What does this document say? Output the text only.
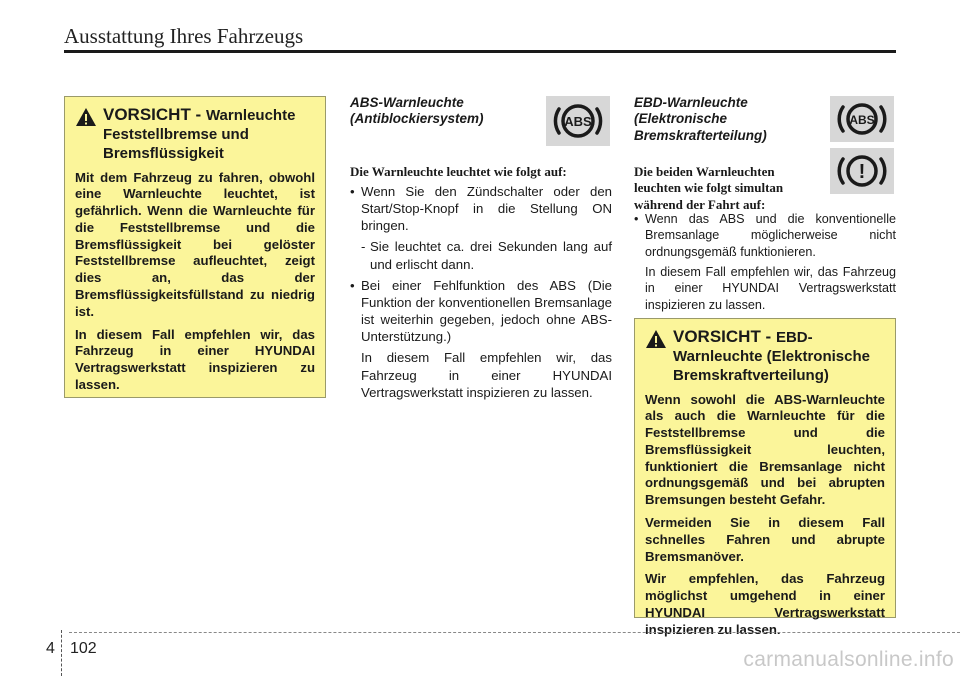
Ausstattung Ihres Fahrzeugs
VORSICHT - Warnleuchte Feststellbremse und Bremsflüssigkeit

Mit dem Fahrzeug zu fahren, obwohl eine Warnleuchte leuchtet, ist gefährlich. Wenn die Warnleuchte für die Feststellbremse und die Bremsflüssigkeit bei gelöster Feststellbremse aufleuchtet, zeigt dies an, das der Bremsflüssigkeitsfüllstand zu niedrig ist.

In diesem Fall empfehlen wir, das Fahrzeug in einer HYUNDAI Vertragswerkstatt inspizieren zu lassen.

ABS-Warnleuchte
(Antiblockiersystem)	ABS
Die Warnleuchte leuchtet wie folgt auf:
• Wenn Sie den Zündschalter oder den Start/Stop-Knopf in die Stellung ON bringen.
- Sie leuchtet ca. drei Sekunden lang auf und erlischt dann.
• Bei einer Fehlfunktion des ABS (Die Funktion der konventionellen Bremsanlage ist weiterhin gegeben, jedoch ohne ABS-Unterstützung.)
In diesem Fall empfehlen wir, das Fahrzeug in einer HYUNDAI Vertragswerkstatt inspizieren zu lassen.
EBD-Warnleuchte
(Elektronische
Bremskrafterteilung)
ABS
!
Die beiden Warnleuchten
leuchten wie folgt simultan
während der Fahrt auf:
• Wenn das ABS und die konventionelle Bremsanlage möglicherweise nicht ordnungsgemäß funktionieren.
In diesem Fall empfehlen wir, das Fahrzeug in einer HYUNDAI Vertragswerkstatt inspizieren zu lassen.
VORSICHT - EBD-Warnleuchte (Elektronische Bremskraftverteilung)

Wenn sowohl die ABS-Warnleuchte als auch die Warnleuchte für die Feststellbremse und die Bremsflüssigkeit leuchten, funktioniert die Bremsanlage nicht ordnungsgemäß und bei abrupten Bremsungen besteht Gefahr.

Vermeiden Sie in diesem Fall schnelles Fahren und abrupte Bremsmanöver.

Wir empfehlen, das Fahrzeug möglichst umgehend in einer HYUNDAI Vertragswerkstatt inspizieren zu lassen.

4 102	carmanualsonline.info
